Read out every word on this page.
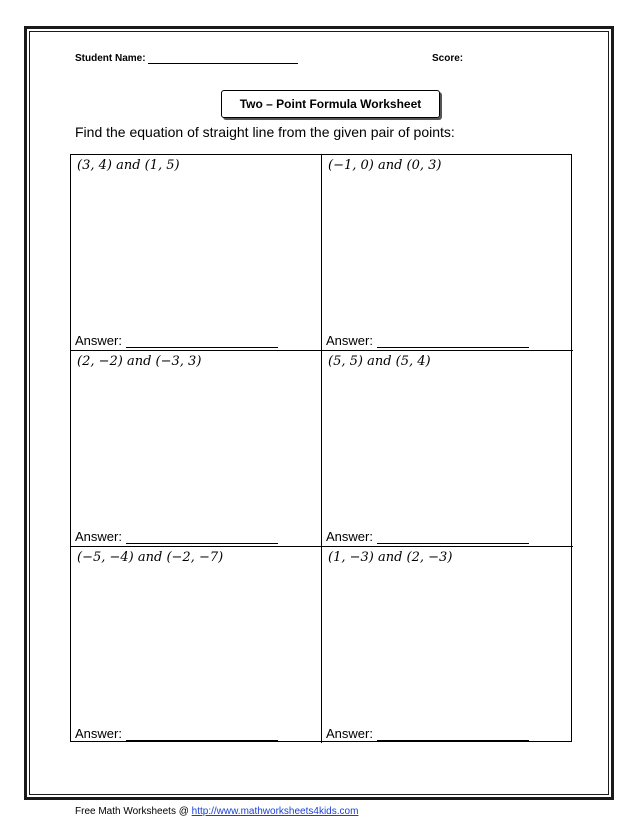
Student Name:	Score:
Two – Point Formula Worksheet
Find the equation of straight line from the given pair of points:
(3, 4) and (1, 5)
Answer:
(−1, 0) and (0, 3)
Answer:
(2, −2) and (−3, 3)
Answer:
(5, 5) and (5, 4)
Answer:
(−5, −4) and (−2, −7)
Answer:
(1, −3) and (2, −3)
Answer:
Free Math Worksheets @ http://www.mathworksheets4kids.com
